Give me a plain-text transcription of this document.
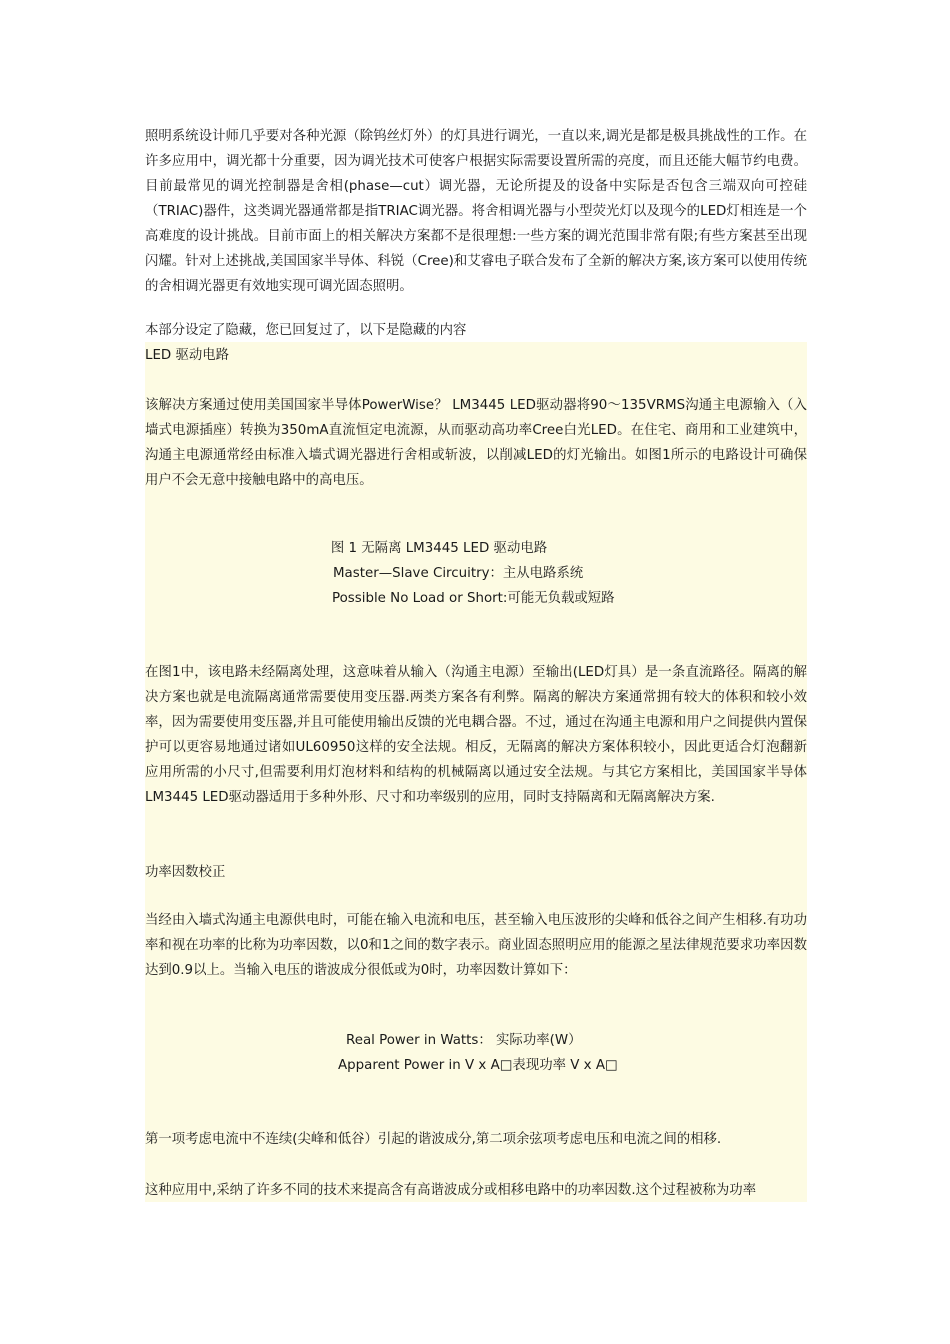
照明系统设计师几乎要对各种光源（除钨丝灯外）的灯具进行调光，一直以来,调光是都是极具挑战性的工作。在许多应用中，调光都十分重要，因为调光技术可使客户根据实际需要设置所需的亮度，而且还能大幅节约电费。目前最常见的调光控制器是舍相(phase—cut）调光器，无论所提及的设备中实际是否包含三端双向可控硅（TRIAC)器件，这类调光器通常都是指TRIAC调光器。将舍相调光器与小型荧光灯以及现今的LED灯相连是一个高难度的设计挑战。目前市面上的相关解决方案都不是很理想:一些方案的调光范围非常有限;有些方案甚至出现闪耀。针对上述挑战,美国国家半导体、科锐（Cree)和艾睿电子联合发布了全新的解决方案,该方案可以使用传统的舍相调光器更有效地实现可调光固态照明。

本部分设定了隐藏，您已回复过了，以下是隐藏的内容

LED 驱动电路

该解决方案通过使用美国国家半导体PowerWise？ LM3445 LED驱动器将90～135VRMS沟通主电源输入（入墙式电源插座）转换为350mA直流恒定电流源，从而驱动高功率Cree白光LED。在住宅、商用和工业建筑中，沟通主电源通常经由标准入墙式调光器进行舍相或斩波，以削减LED的灯光输出。如图1所示的电路设计可确保用户不会无意中接触电路中的高电压。

图 1 无隔离 LM3445 LED 驱动电路

Master—Slave Circuitry：主从电路系统

Possible No Load or Short:可能无负载或短路

在图1中，该电路未经隔离处理，这意味着从输入（沟通主电源）至输出(LED灯具）是一条直流路径。隔离的解决方案也就是电流隔离通常需要使用变压器.两类方案各有利弊。隔离的解决方案通常拥有较大的体积和较小效率，因为需要使用变压器,并且可能使用输出反馈的光电耦合器。不过，通过在沟通主电源和用户之间提供内置保护可以更容易地通过诸如UL60950这样的安全法规。相反，无隔离的解决方案体积较小，因此更适合灯泡翻新应用所需的小尺寸,但需要利用灯泡材料和结构的机械隔离以通过安全法规。与其它方案相比，美国国家半导体LM3445 LED驱动器适用于多种外形、尺寸和功率级别的应用，同时支持隔离和无隔离解决方案.

功率因数校正

当经由入墙式沟通主电源供电时，可能在输入电流和电压，甚至输入电压波形的尖峰和低谷之间产生相移.有功功率和视在功率的比称为功率因数，以0和1之间的数字表示。商业固态照明应用的能源之星法律规范要求功率因数达到0.9以上。当输入电压的谐波成分很低或为0时，功率因数计算如下：

Real Power in Watts： 实际功率(W）

Apparent Power in V x A□表现功率 V x A□

第一项考虑电流中不连续(尖峰和低谷）引起的谐波成分,第二项余弦项考虑电压和电流之间的相移.

这种应用中,采纳了许多不同的技术来提高含有高谐波成分或相移电路中的功率因数.这个过程被称为功率
